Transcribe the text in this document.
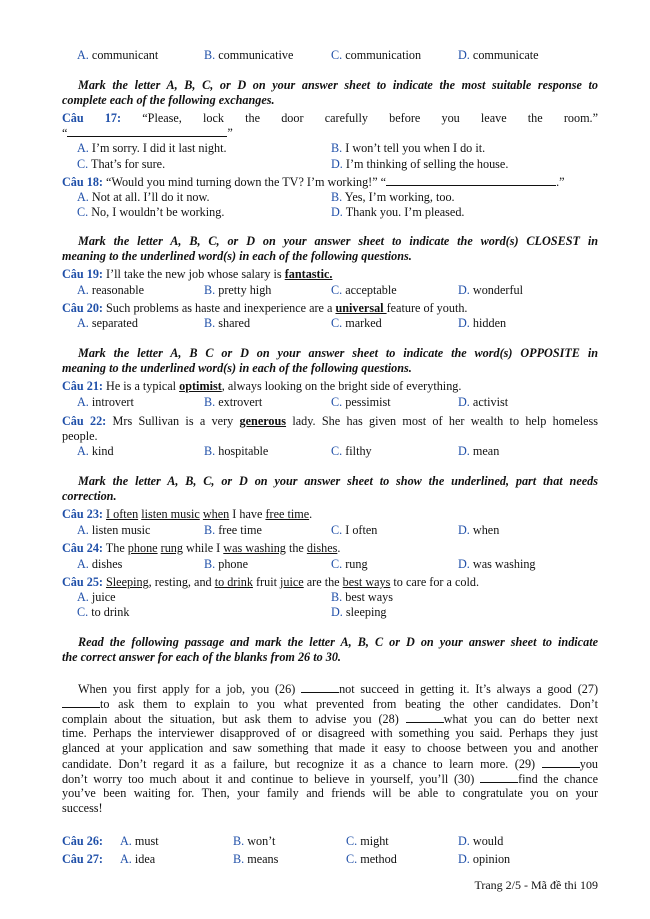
A. communicant	B. communicative	C. communication	D. communicate
Mark the letter A, B, C, or D on your answer sheet to indicate the most suitable response to
complete each of the following exchanges.
Câu 17: “Please, lock the door carefully before you leave the room.”
“	”
A. I’m sorry. I did it last night.	B. I won’t tell you when I do it.
C. That’s for sure.	D. I’m thinking of selling the house.
Câu 18: “Would you mind turning down the TV? I’m working!” “	.”
A. Not at all. I’ll do it now.	B. Yes, I’m working, too.
C. No, I wouldn’t be working.	D. Thank you. I’m pleased.
Mark the letter A, B, C, or D on your answer sheet to indicate the word(s) CLOSEST in
meaning to the underlined word(s) in each of the following questions.
Câu 19: I’ll take the new job whose salary is fantastic.
A. reasonable	B. pretty high	C. acceptable	D. wonderful
Câu 20: Such problems as haste and inexperience are a universal feature of youth.
A. separated	B. shared	C. marked	D. hidden
Mark the letter A, B C or D on your answer sheet to indicate the word(s) OPPOSITE in
meaning to the underlined word(s) in each of the following questions.
Câu 21: He is a typical optimist, always looking on the bright side of everything.
A. introvert	B. extrovert	C. pessimist	D. activist
Câu 22: Mrs Sullivan is a very generous lady. She has given most of her wealth to help homeless
people.
A. kind	B. hospitable	C. filthy	D. mean
Mark the letter A, B, C, or D on your answer sheet to show the underlined, part that needs
correction.
Câu 23: I often listen music when I have free time.
A. listen music	B. free time	C. I often	D. when
Câu 24: The phone rung while I was washing the dishes.
A. dishes	B. phone	C. rung	D. was washing
Câu 25: Sleeping, resting, and to drink fruit juice are the best ways to care for a cold.
A. juice	B. best ways
C. to drink	D. sleeping
Read the following passage and mark the letter A, B, C or D on your answer sheet to indicate
the correct answer for each of the blanks from 26 to 30.
When you first apply for a job, you (26)	not succeed in getting it. It’s always a good (27)
to ask them to explain to you what prevented from beating the other candidates. Don’t
complain about the situation, but ask them to advise you (28)	what you can do better next
time. Perhaps the interviewer disapproved of or disagreed with something you said. Perhaps they just
glanced at your application and saw something that made it easy to choose between you and another
candidate. Don’t regard it as a failure, but recognize it as a chance to learn more. (29)	you
don’t worry too much about it and continue to believe in yourself, you’ll (30)	find the chance
you’ve been waiting for. Then, your family and friends will be able to congratulate you on your
success!
Câu 26: A. must	B. won’t	C. might	D. would
Câu 27: A. idea	B. means	C. method	D. opinion
Trang 2/5 - Mã đề thi 109
